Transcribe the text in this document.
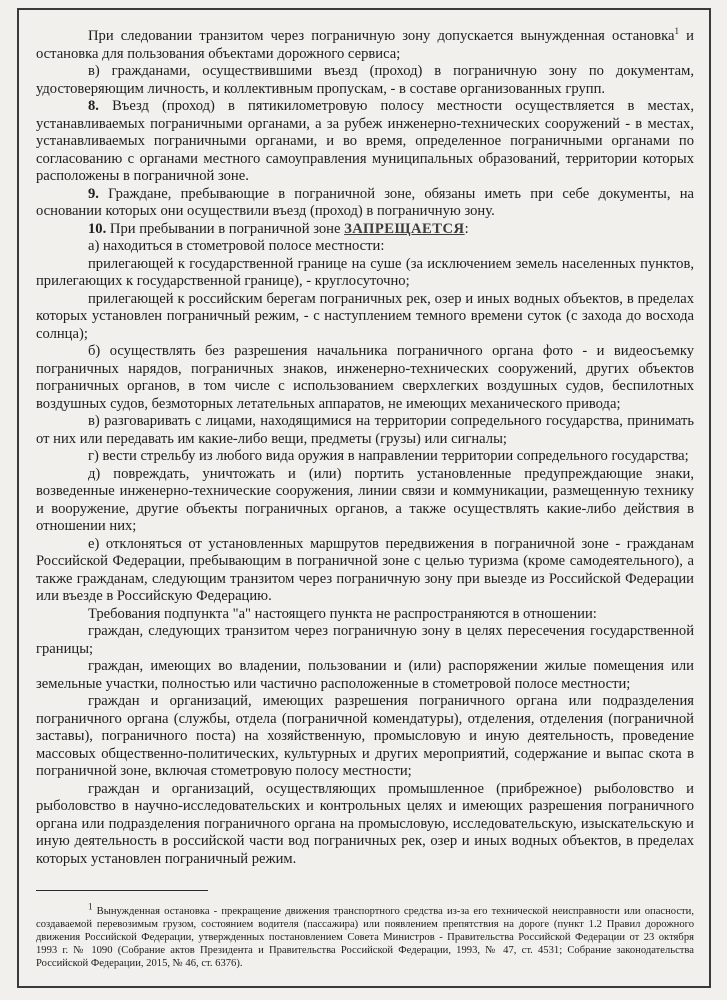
При следовании транзитом через пограничную зону допускается вынужденная остановка$^1$ и остановка для пользования объектами дорожного сервиса;

в) гражданами, осуществившими въезд (проход) в пограничную зону по документам, удостоверяющим личность, и коллективным пропускам, - в составе организованных групп.

8. Въезд (проход) в пятикилометровую полосу местности осуществляется в местах, устанавливаемых пограничными органами, а за рубеж инженерно-технических сооружений - в местах, устанавливаемых пограничными органами, и во время, определенное пограничными органами по согласованию с органами местного самоуправления муниципальных образований, территории которых расположены в пограничной зоне.

9. Граждане, пребывающие в пограничной зоне, обязаны иметь при себе документы, на основании которых они осуществили въезд (проход) в пограничную зону.

10. При пребывании в пограничной зоне ЗАПРЕЩАЕТСЯ:

а) находиться в стометровой полосе местности:

прилегающей к государственной границе на суше (за исключением земель населенных пунктов, прилегающих к государственной границе), - круглосуточно;

прилегающей к российским берегам пограничных рек, озер и иных водных объектов, в пределах которых установлен пограничный режим, - с наступлением темного времени суток (с захода до восхода солнца);

б) осуществлять без разрешения начальника пограничного органа фото - и видеосъемку пограничных нарядов, пограничных знаков, инженерно-технических сооружений, других объектов пограничных органов, в том числе с использованием сверхлегких воздушных судов, беспилотных воздушных судов, безмоторных летательных аппаратов, не имеющих механического привода;

в) разговаривать с лицами, находящимися на территории сопредельного государства, принимать от них или передавать им какие-либо вещи, предметы (грузы) или сигналы;

г) вести стрельбу из любого вида оружия в направлении территории сопредельного государства;

д) повреждать, уничтожать и (или) портить установленные предупреждающие знаки, возведенные инженерно-технические сооружения, линии связи и коммуникации, размещенную технику и вооружение, другие объекты пограничных органов, а также осуществлять какие-либо действия в отношении них;

е) отклоняться от установленных маршрутов передвижения в пограничной зоне - гражданам Российской Федерации, пребывающим в пограничной зоне с целью туризма (кроме самодеятельного), а также гражданам, следующим транзитом через пограничную зону при выезде из Российской Федерации или въезде в Российскую Федерацию.

Требования подпункта "а" настоящего пункта не распространяются в отношении:

граждан, следующих транзитом через пограничную зону в целях пересечения государственной границы;

граждан, имеющих во владении, пользовании и (или) распоряжении жилые помещения или земельные участки, полностью или частично расположенные в стометровой полосе местности;

граждан и организаций, имеющих разрешения пограничного органа или подразделения пограничного органа (службы, отдела (пограничной комендатуры), отделения, отделения (пограничной заставы), пограничного поста) на хозяйственную, промысловую и иную деятельность, проведение массовых общественно-политических, культурных и других мероприятий, содержание и выпас скота в пограничной зоне, включая стометровую полосу местности;

граждан и организаций, осуществляющих промышленное (прибрежное) рыболовство и рыболовство в научно-исследовательских и контрольных целях и имеющих разрешения пограничного органа или подразделения пограничного органа на промысловую, исследовательскую, изыскательскую и иную деятельность в российской части вод пограничных рек, озер и иных водных объектов, в пределах которых установлен пограничный режим.

$^1$ Вынужденная остановка - прекращение движения транспортного средства из-за его технической неисправности или опасности, создаваемой перевозимым грузом, состоянием водителя (пассажира) или появлением препятствия на дороге (пункт 1.2 Правил дорожного движения Российской Федерации, утвержденных постановлением Совета Министров - Правительства Российской Федерации от 23 октября 1993 г. № 1090 (Собрание актов Президента и Правительства Российской Федерации, 1993, № 47, ст. 4531; Собрание законодательства Российской Федерации, 2015, № 46, ст. 6376).
